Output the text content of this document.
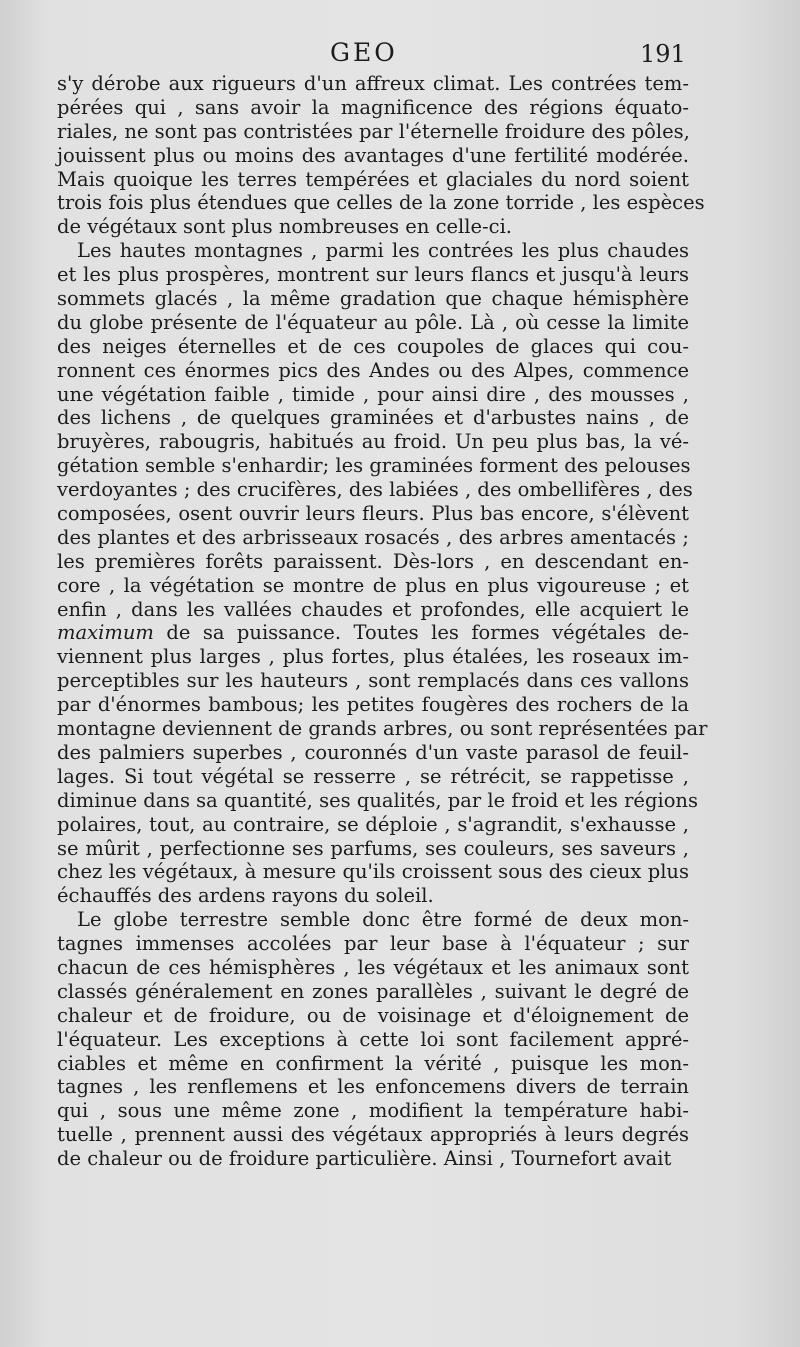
GEO	191
s'y dérobe aux rigueurs d'un affreux climat. Les contrées tem-
pérées qui , sans avoir la magnificence des régions équato-
riales, ne sont pas contristées par l'éternelle froidure des pôles,
jouissent plus ou moins des avantages d'une fertilité modérée.
Mais quoique les terres tempérées et glaciales du nord soient
trois fois plus étendues que celles de la zone torride , les espèces
de végétaux sont plus nombreuses en celle-ci.
Les hautes montagnes , parmi les contrées les plus chaudes
et les plus prospères, montrent sur leurs flancs et jusqu'à leurs
sommets glacés , la même gradation que chaque hémisphère
du globe présente de l'équateur au pôle. Là , où cesse la limite
des neiges éternelles et de ces coupoles de glaces qui cou-
ronnent ces énormes pics des Andes ou des Alpes, commence
une végétation faible , timide , pour ainsi dire , des mousses ,
des lichens , de quelques graminées et d'arbustes nains , de
bruyères, rabougris, habitués au froid. Un peu plus bas, la vé-
gétation semble s'enhardir; les graminées forment des pelouses
verdoyantes ; des crucifères, des labiées , des ombellifères , des
composées, osent ouvrir leurs fleurs. Plus bas encore, s'élèvent
des plantes et des arbrisseaux rosacés , des arbres amentacés ;
les premières forêts paraissent. Dès-lors , en descendant en-
core , la végétation se montre de plus en plus vigoureuse ; et
enfin , dans les vallées chaudes et profondes, elle acquiert le
maximum de sa puissance. Toutes les formes végétales de-
viennent plus larges , plus fortes, plus étalées, les roseaux im-
perceptibles sur les hauteurs , sont remplacés dans ces vallons
par d'énormes bambous; les petites fougères des rochers de la
montagne deviennent de grands arbres, ou sont représentées par
des palmiers superbes , couronnés d'un vaste parasol de feuil-
lages. Si tout végétal se resserre , se rétrécit, se rappetisse ,
diminue dans sa quantité, ses qualités, par le froid et les régions
polaires, tout, au contraire, se déploie , s'agrandit, s'exhausse ,
se mûrit , perfectionne ses parfums, ses couleurs, ses saveurs ,
chez les végétaux, à mesure qu'ils croissent sous des cieux plus
échauffés des ardens rayons du soleil.
Le globe terrestre semble donc être formé de deux mon-
tagnes immenses accolées par leur base à l'équateur ; sur
chacun de ces hémisphères , les végétaux et les animaux sont
classés généralement en zones parallèles , suivant le degré de
chaleur et de froidure, ou de voisinage et d'éloignement de
l'équateur. Les exceptions à cette loi sont facilement appré-
ciables et même en confirment la vérité , puisque les mon-
tagnes , les renflemens et les enfoncemens divers de terrain
qui , sous une même zone , modifient la température habi-
tuelle , prennent aussi des végétaux appropriés à leurs degrés
de chaleur ou de froidure particulière. Ainsi , Tournefort avait
